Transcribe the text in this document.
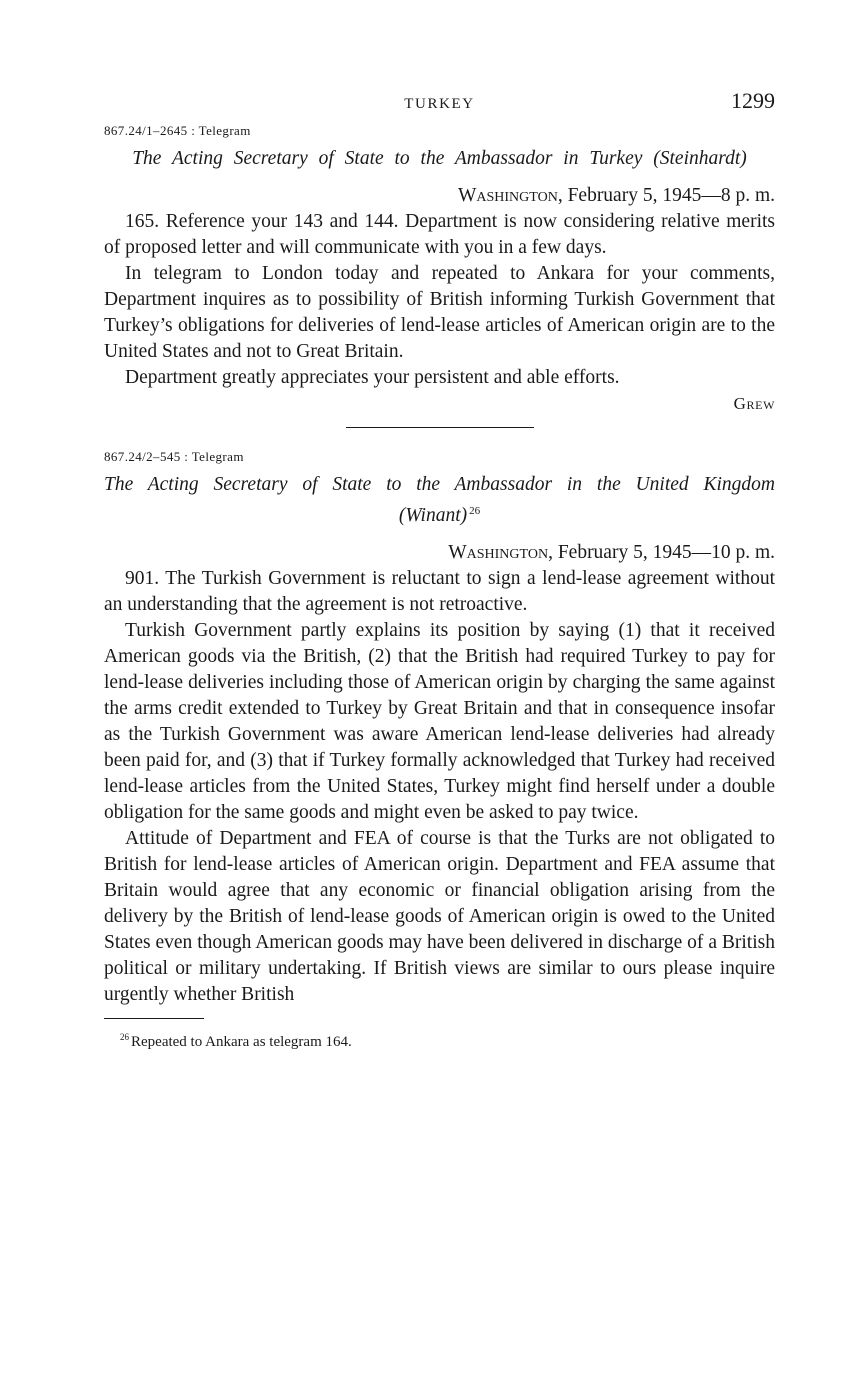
TURKEY	1299

867.24/1–2645 : Telegram

The Acting Secretary of State to the Ambassador in Turkey (Steinhardt)

Washington, February 5, 1945—8 p. m.

165. Reference your 143 and 144. Department is now considering relative merits of proposed letter and will communicate with you in a few days.

In telegram to London today and repeated to Ankara for your comments, Department inquires as to possibility of British informing Turkish Government that Turkey’s obligations for deliveries of lend-lease articles of American origin are to the United States and not to Great Britain.

Department greatly appreciates your persistent and able efforts.

Grew

867.24/2–545 : Telegram

The Acting Secretary of State to the Ambassador in the United Kingdom (Winant) $^{26}$

Washington, February 5, 1945—10 p. m.

901. The Turkish Government is reluctant to sign a lend-lease agreement without an understanding that the agreement is not retroactive.

Turkish Government partly explains its position by saying (1) that it received American goods via the British, (2) that the British had required Turkey to pay for lend-lease deliveries including those of American origin by charging the same against the arms credit extended to Turkey by Great Britain and that in consequence insofar as the Turkish Government was aware American lend-lease deliveries had already been paid for, and (3) that if Turkey formally acknowledged that Turkey had received lend-lease articles from the United States, Turkey might find herself under a double obligation for the same goods and might even be asked to pay twice.

Attitude of Department and FEA of course is that the Turks are not obligated to British for lend-lease articles of American origin. Department and FEA assume that Britain would agree that any economic or financial obligation arising from the delivery by the British of lend-lease goods of American origin is owed to the United States even though American goods may have been delivered in discharge of a British political or military undertaking. If British views are similar to ours please inquire urgently whether British

$^{26}$ Repeated to Ankara as telegram 164.
